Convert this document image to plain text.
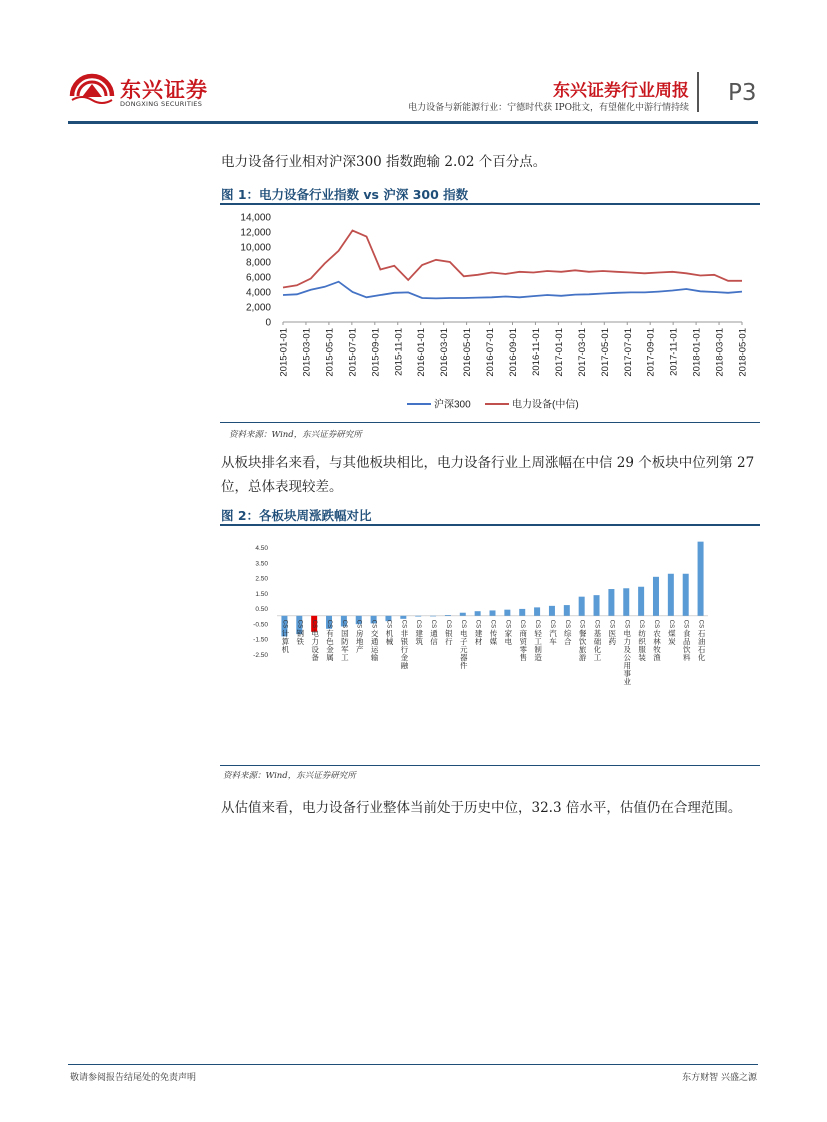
东兴证券
DONGXING SECURITIES
东兴证券行业周报
电力设备与新能源行业：宁德时代获 IPO批文，有望催化中游行情持续
P3
电力设备行业相对沪深300 指数跑输 2.02 个百分点。
图 1：电力设备行业指数 vs 沪深 300 指数
0
2,000
4,000
6,000
8,000
10,000
12,000
14,000
2015-01-01 2015-03-01 2015-05-01 2015-07-01 2015-09-01 2015-11-01 2016-01-01 2016-03-01 2016-05-01 2016-07-01 2016-09-01 2016-11-01 2017-01-01 2017-03-01 2017-05-01 2017-07-01 2017-09-01 2017-11-01 2018-01-01 2018-03-01 2018-05-01
沪深300	电力设备(中信)
资料来源：Wind，东兴证券研究所
从板块排名来看，与其他板块相比，电力设备行业上周涨幅在中信 29 个板块中位列第 27 位，总体表现较差。
图 2：各板块周涨跌幅对比
-2.50
-1.50
-0.50
0.50
1.50
2.50
3.50
4.50
CS
计
算
机
CS
钢
铁
CS
电
力
设
备
CS
有
色
金
属
CS
国
防
军
工
CS
房
地
产
CS
交
通
运
输
CS
机
械
CS
非
银
行
金
融
CS
建
筑
CS
通
信
CS
银
行
CS
电
子
元
器
件
CS
建
材
CS
传
媒
CS
家
电
CS
商
贸
零
售
CS
轻
工
制
造
CS
汽
车
CS
综
合
CS
餐
饮
旅
游
CS
基
础
化
工
CS
医
药
CS
电
力
及
公
用
事
业
CS
纺
织
服
装
CS
农
林
牧
渔
CS
煤
炭
CS
食
品
饮
料
CS
石
油
石
化
资料来源：Wind，东兴证券研究所
从估值来看，电力设备行业整体当前处于历史中位，32.3 倍水平，估值仍在合理范围。
敬请参阅报告结尾处的免责声明	东方财智 兴盛之源
